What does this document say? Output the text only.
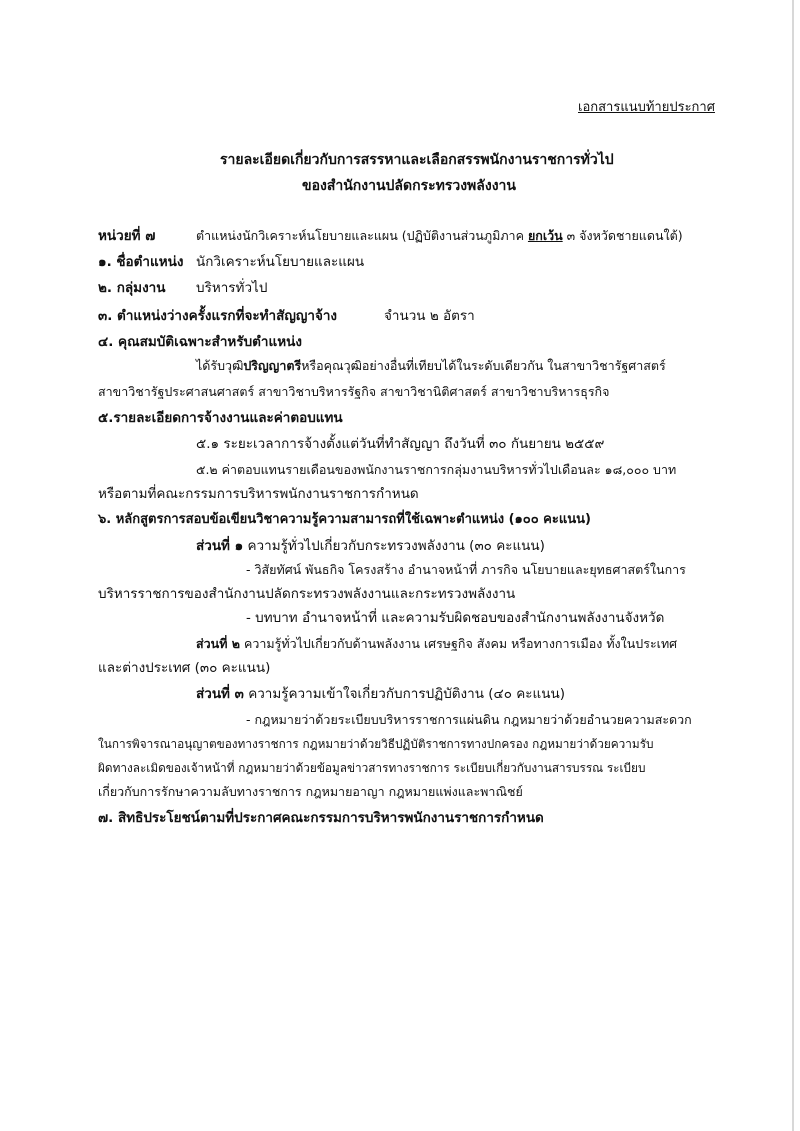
เอกสารแนบท้ายประกาศ
รายละเอียดเกี่ยวกับการสรรหาและเลือกสรรพนักงานราชการทั่วไป
ของสำนักงานปลัดกระทรวงพลังงาน
หน่วยที่ ๗	ตำแหน่งนักวิเคราะห์นโยบายและแผน (ปฏิบัติงานส่วนภูมิภาค ยกเว้น ๓ จังหวัดชายแดนใต้)
๑. ชื่อตำแหน่ง นักวิเคราะห์นโยบายและแผน
๒. กลุ่มงาน บริหารทั่วไป
๓. ตำแหน่งว่างครั้งแรกที่จะทำสัญญาจ้าง	จำนวน ๒ อัตรา
๔. คุณสมบัติเฉพาะสำหรับตำแหน่ง
ได้รับวุฒิปริญญาตรีหรือคุณวุฒิอย่างอื่นที่เทียบได้ในระดับเดียวกัน ในสาขาวิชารัฐศาสตร์
สาขาวิชารัฐประศาสนศาสตร์ สาขาวิชาบริหารรัฐกิจ สาขาวิชานิติศาสตร์ สาขาวิชาบริหารธุรกิจ
๕.รายละเอียดการจ้างงานและค่าตอบแทน
๕.๑ ระยะเวลาการจ้างตั้งแต่วันที่ทำสัญญา ถึงวันที่ ๓๐ กันยายน ๒๕๕๙
๕.๒ ค่าตอบแทนรายเดือนของพนักงานราชการกลุ่มงานบริหารทั่วไปเดือนละ ๑๘,๐๐๐ บาท
หรือตามที่คณะกรรมการบริหารพนักงานราชการกำหนด
๖. หลักสูตรการสอบข้อเขียนวิชาความรู้ความสามารถที่ใช้เฉพาะตำแหน่ง (๑๐๐ คะแนน)
ส่วนที่ ๑ ความรู้ทั่วไปเกี่ยวกับกระทรวงพลังงาน (๓๐ คะแนน)
- วิสัยทัศน์ พันธกิจ โครงสร้าง อำนาจหน้าที่ ภารกิจ นโยบายและยุทธศาสตร์ในการ
บริหารราชการของสำนักงานปลัดกระทรวงพลังงานและกระทรวงพลังงาน
- บทบาท อำนาจหน้าที่ และความรับผิดชอบของสำนักงานพลังงานจังหวัด
ส่วนที่ ๒ ความรู้ทั่วไปเกี่ยวกับด้านพลังงาน เศรษฐกิจ สังคม หรือทางการเมือง ทั้งในประเทศ
และต่างประเทศ (๓๐ คะแนน)
ส่วนที่ ๓ ความรู้ความเข้าใจเกี่ยวกับการปฏิบัติงาน (๔๐ คะแนน)
- กฎหมายว่าด้วยระเบียบบริหารราชการแผ่นดิน กฎหมายว่าด้วยอำนวยความสะดวก
ในการพิจารณาอนุญาตของทางราชการ กฎหมายว่าด้วยวิธีปฏิบัติราชการทางปกครอง กฎหมายว่าด้วยความรับ
ผิดทางละเมิดของเจ้าหน้าที่ กฎหมายว่าด้วยข้อมูลข่าวสารทางราชการ ระเบียบเกี่ยวกับงานสารบรรณ ระเบียบ
เกี่ยวกับการรักษาความลับทางราชการ กฎหมายอาญา กฎหมายแพ่งและพาณิชย์
๗. สิทธิประโยชน์ตามที่ประกาศคณะกรรมการบริหารพนักงานราชการกำหนด
